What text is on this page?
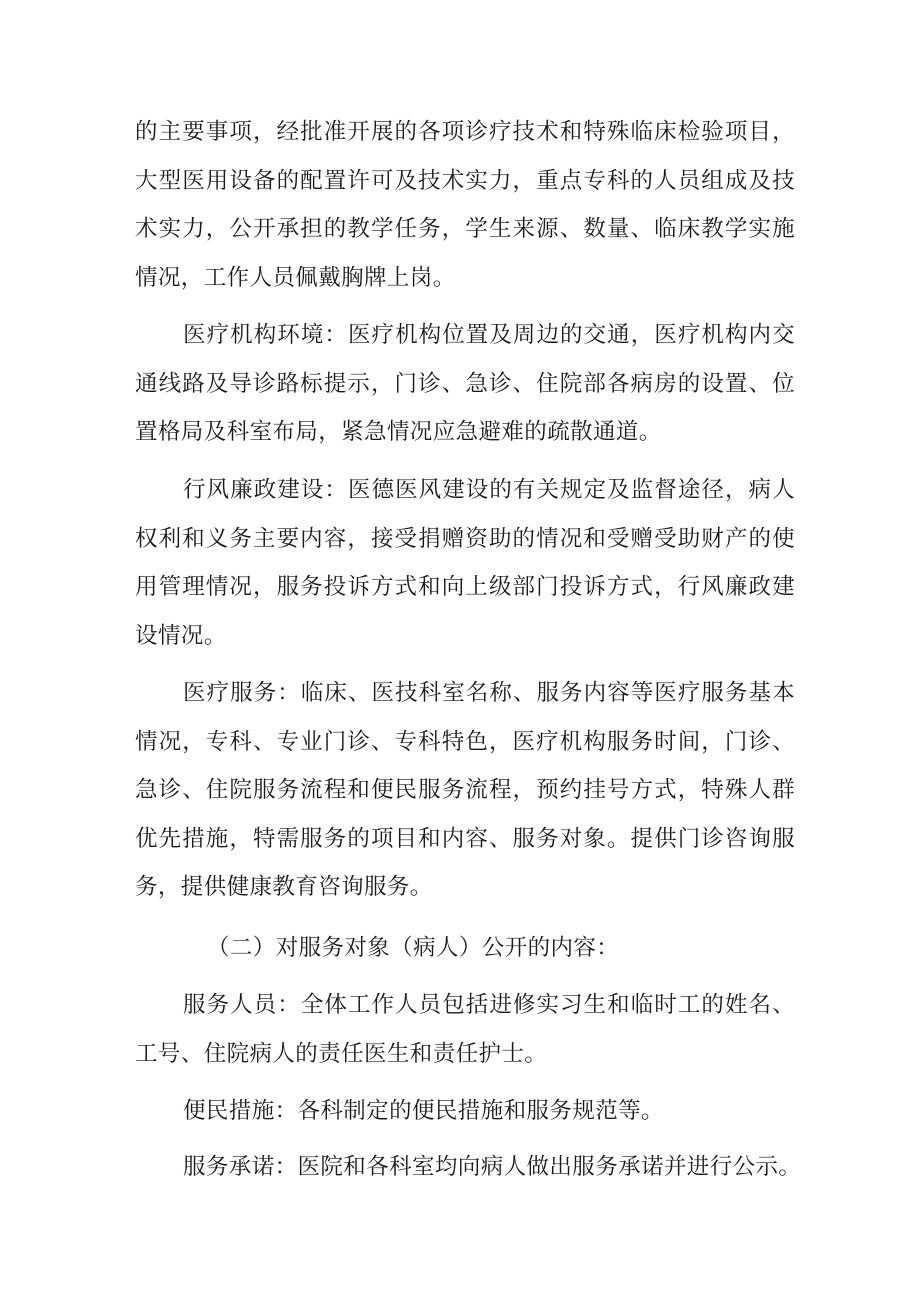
的主要事项，经批准开展的各项诊疗技术和特殊临床检验项目，大型医用设备的配置许可及技术实力，重点专科的人员组成及技术实力，公开承担的教学任务，学生来源、数量、临床教学实施情况，工作人员佩戴胸牌上岗。

医疗机构环境：医疗机构位置及周边的交通，医疗机构内交通线路及导诊路标提示，门诊、急诊、住院部各病房的设置、位置格局及科室布局，紧急情况应急避难的疏散通道。

行风廉政建设：医德医风建设的有关规定及监督途径，病人权利和义务主要内容，接受捐赠资助的情况和受赠受助财产的使用管理情况，服务投诉方式和向上级部门投诉方式，行风廉政建设情况。

医疗服务：临床、医技科室名称、服务内容等医疗服务基本情况，专科、专业门诊、专科特色，医疗机构服务时间，门诊、急诊、住院服务流程和便民服务流程，预约挂号方式，特殊人群优先措施，特需服务的项目和内容、服务对象。提供门诊咨询服务，提供健康教育咨询服务。

（二）对服务对象（病人）公开的内容：

服务人员：全体工作人员包括进修实习生和临时工的姓名、工号、住院病人的责任医生和责任护士。

便民措施：各科制定的便民措施和服务规范等。

服务承诺：医院和各科室均向病人做出服务承诺并进行公示。
